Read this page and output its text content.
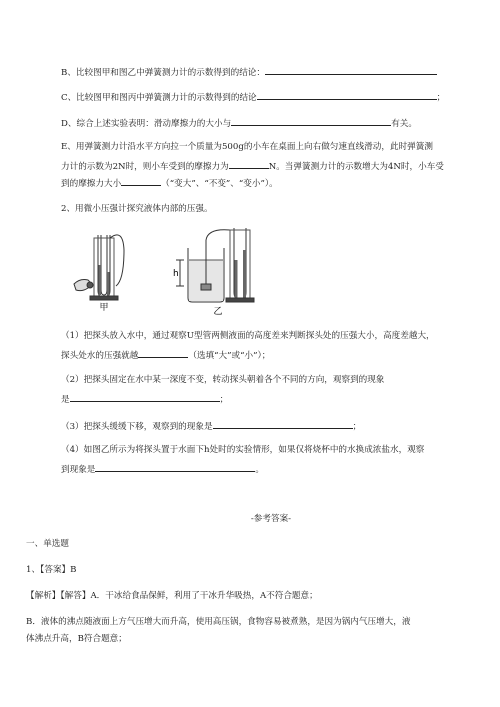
B、比较图甲和图乙中弹簧测力计的示数得到的结论：
C、比较图甲和图丙中弹簧测力计的示数得到的结论	；
D、综合上述实验表明：滑动摩擦力的大小与	有关。
E、用弹簧测力计沿水平方向拉一个质量为500g的小车在桌面上向右做匀速直线滑动，此时弹簧测
力计的示数为2N时，则小车受到的摩擦力为	N。当弹簧测力计的示数增大为4N时，小车受
到的摩擦力大小	（“变大”、“不变”、“变小”）。
2、用微小压强计探究液体内部的压强。
甲
h
乙
（1）把探头放入水中，通过观察U型管两侧液面的高度差来判断探头处的压强大小，高度差越大，
探头处水的压强就越	（选填“大”或“小”）；
（2）把探头固定在水中某一深度不变，转动探头朝着各个不同的方向，观察到的现象
是	；
（3）把探头缓缓下移，观察到的现象是	；
（4）如图乙所示为将探头置于水面下h处时的实验情形，如果仅将烧杯中的水换成浓盐水，观察
到现象是	。
-参考答案-
一、单选题
1、【答案】B
【解析】【解答】A．干冰给食品保鲜，利用了干冰升华吸热，A不符合题意；
B．液体的沸点随液面上方气压增大而升高，使用高压锅，食物容易被煮熟，是因为锅内气压增大，液
体沸点升高，B符合题意；
